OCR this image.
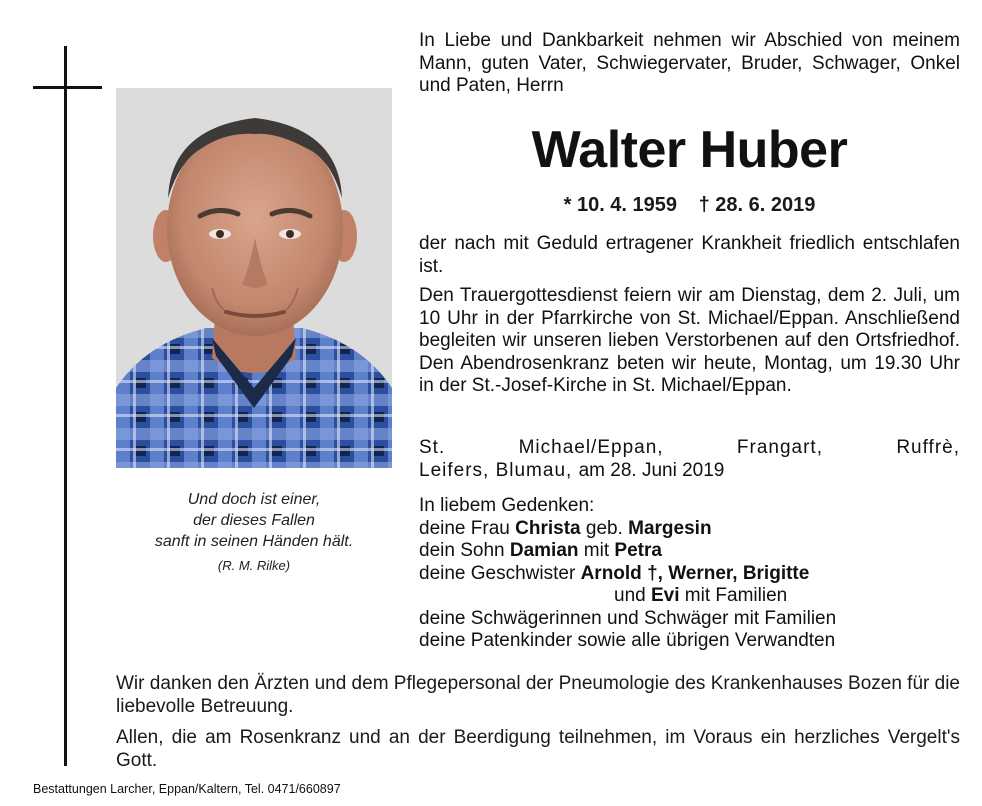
Und doch ist einer,
der dieses Fallen
sanft in seinen Händen hält.
(R. M. Rilke)
In Liebe und Dankbarkeit nehmen wir Abschied von meinem Mann, guten Vater, Schwiegervater, Bruder, Schwager, Onkel und Paten, Herrn
Walter Huber
* 10. 4. 1959 † 28. 6. 2019
der nach mit Geduld ertragener Krankheit friedlich entschlafen ist.
Den Trauergottesdienst feiern wir am Dienstag, dem 2. Juli, um 10 Uhr in der Pfarrkirche von St. Michael/Eppan. Anschließend begleiten wir unseren lieben Verstorbenen auf den Ortsfriedhof. Den Abendrosenkranz beten wir heute, Montag, um 19.30 Uhr in der St.-Josef-Kirche in St. Michael/Eppan.
St. Michael/Eppan, Frangart, Ruffrè,
Leifers, Blumau, am 28. Juni 2019
In liebem Gedenken:
deine Frau Christa geb. Margesin
dein Sohn Damian mit Petra
deine Geschwister Arnold †, Werner, Brigitte
und Evi mit Familien
deine Schwägerinnen und Schwäger mit Familien
deine Patenkinder sowie alle übrigen Verwandten
Wir danken den Ärzten und dem Pflegepersonal der Pneumologie des Krankenhauses Bozen für die liebevolle Betreuung.
Allen, die am Rosenkranz und an der Beerdigung teilnehmen, im Voraus ein herzliches Vergelt's Gott.
Bestattungen Larcher, Eppan/Kaltern, Tel. 0471/660897
